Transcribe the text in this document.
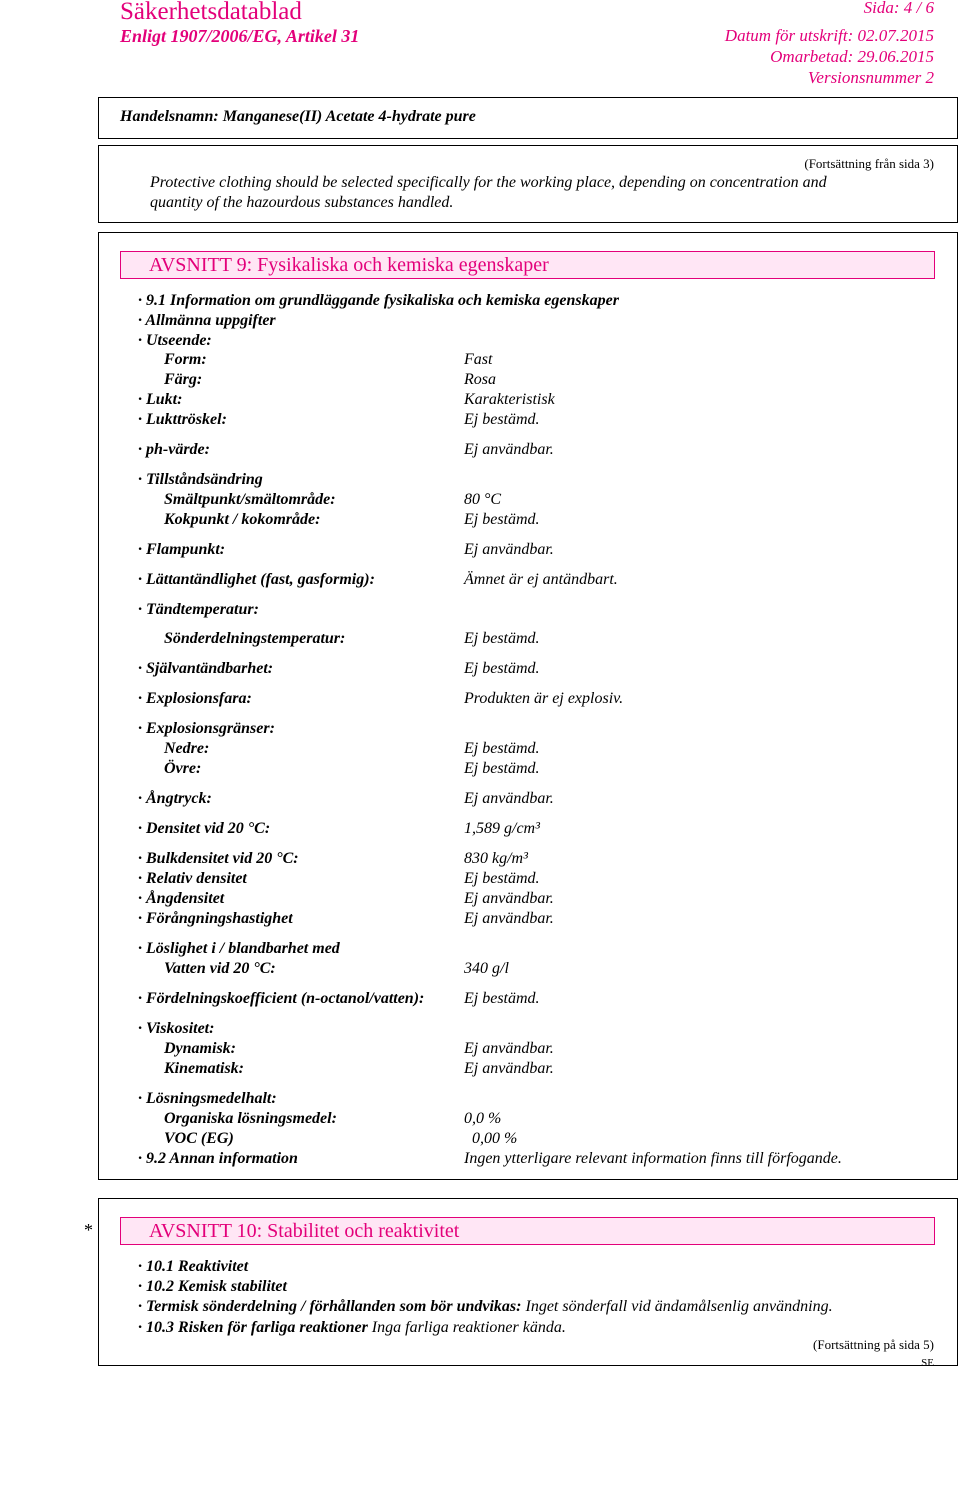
Säkerhetsdatablad
Enligt 1907/2006/EG, Artikel 31
Sida: 4 / 6
Datum för utskrift: 02.07.2015
Omarbetad: 29.06.2015
Versionsnummer 2
Handelsnamn: Manganese(II) Acetate 4-hydrate pure
(Fortsättning från sida 3)
Protective clothing should be selected specifically for the working place, depending on concentration and
quantity of the hazourdous substances handled.
AVSNITT 9: Fysikaliska och kemiska egenskaper
· 9.1 Information om grundläggande fysikaliska och kemiska egenskaper
· Allmänna uppgifter
· Utseende:
Form:	Fast
Färg:	Rosa
· Lukt:	Karakteristisk
· Lukttröskel:	Ej bestämd.
· ph-värde:	Ej användbar.
· Tillståndsändring
Smältpunkt/smältområde:	80 °C
Kokpunkt / kokområde:	Ej bestämd.
· Flampunkt:	Ej användbar.
· Lättantändlighet (fast, gasformig):	Ämnet är ej antändbart.
· Tändtemperatur:
Sönderdelningstemperatur:	Ej bestämd.
· Självantändbarhet:	Ej bestämd.
· Explosionsfara:	Produkten är ej explosiv.
· Explosionsgränser:
Nedre:	Ej bestämd.
Övre:	Ej bestämd.
· Ångtryck:	Ej användbar.
· Densitet vid 20 °C:	1,589 g/cm³
· Bulkdensitet vid 20 °C:	830 kg/m³
· Relativ densitet	Ej bestämd.
· Ångdensitet	Ej användbar.
· Förångningshastighet	Ej användbar.
· Löslighet i / blandbarhet med
Vatten vid 20 °C:	340 g/l
· Fördelningskoefficient (n-octanol/vatten): Ej bestämd.
· Viskositet:
Dynamisk:	Ej användbar.
Kinematisk:	Ej användbar.
· Lösningsmedelhalt:
Organiska lösningsmedel:	0,0 %
VOC (EG)	0,00 %
· 9.2 Annan information	Ingen ytterligare relevant information finns till förfogande.
*	AVSNITT 10: Stabilitet och reaktivitet
· 10.1 Reaktivitet
· 10.2 Kemisk stabilitet
· Termisk sönderdelning / förhållanden som bör undvikas: Inget sönderfall vid ändamålsenlig användning.
· 10.3 Risken för farliga reaktioner Inga farliga reaktioner kända.
(Fortsättning på sida 5)
SE
